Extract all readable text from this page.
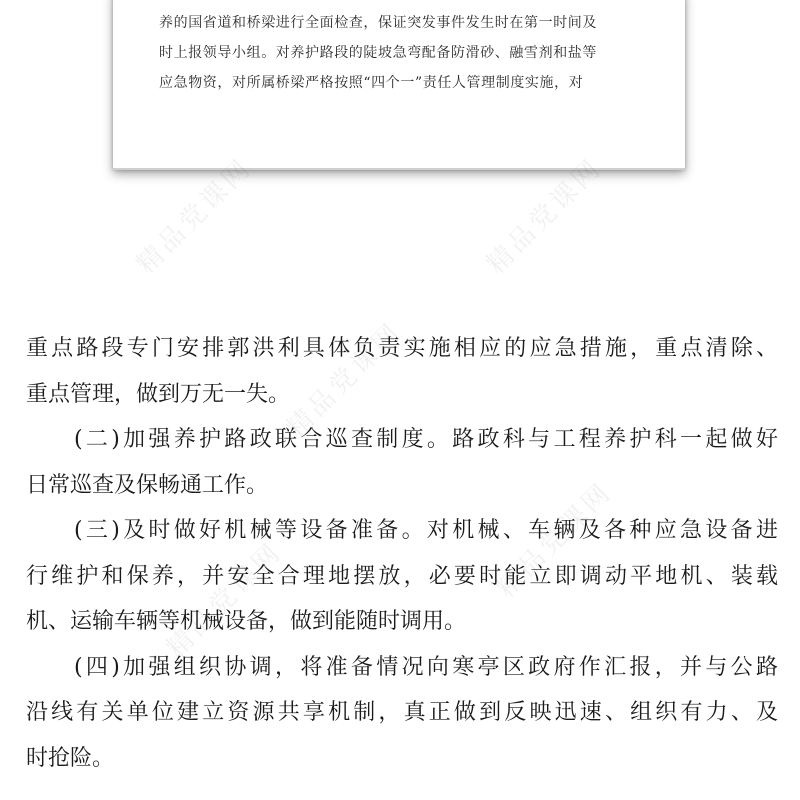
养的国省道和桥梁进行全面检查，保证突发事件发生时在第一时间及
时上报领导小组。对养护路段的陡坡急弯配备防滑砂、融雪剂和盐等
应急物资，对所属桥梁严格按照“四个一”责任人管理制度实施，对

精品党课网	精品党课网
精品党课网
精品党课网
精品党课网
重点路段专门安排郭洪利具体负责实施相应的应急措施，重点清除、
重点管理，做到万无一失。
(二)加强养护路政联合巡查制度。路政科与工程养护科一起做好
日常巡查及保畅通工作。
(三)及时做好机械等设备准备。对机械、车辆及各种应急设备进
行维护和保养，并安全合理地摆放，必要时能立即调动平地机、装载
机、运输车辆等机械设备，做到能随时调用。
(四)加强组织协调，将准备情况向寒亭区政府作汇报，并与公路
沿线有关单位建立资源共享机制，真正做到反映迅速、组织有力、及
时抢险。
